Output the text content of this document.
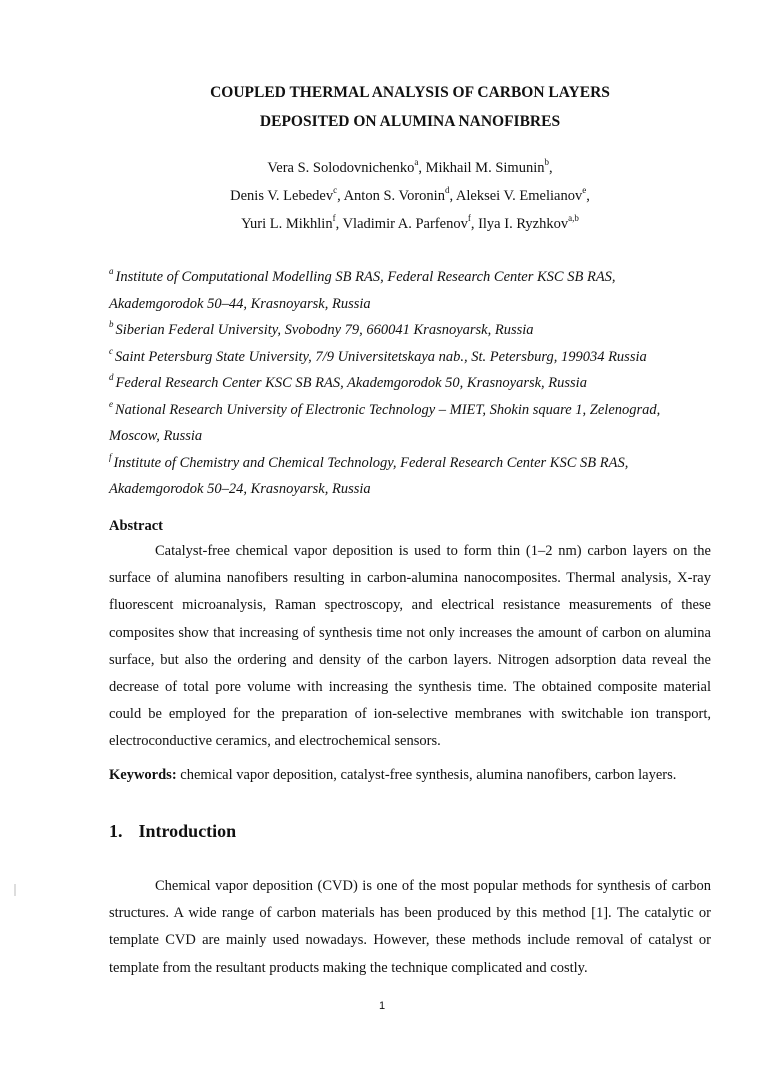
COUPLED THERMAL ANALYSIS OF CARBON LAYERS
DEPOSITED ON ALUMINA NANOFIBRES
Vera S. Solodovnichenko$^a$, Mikhail M. Simunin$^b$,
Denis V. Lebedev$^c$, Anton S. Voronin$^d$, Aleksei V. Emelianov$^e$,
Yuri L. Mikhlin$^f$, Vladimir A. Parfenov$^f$, Ilya I. Ryzhkov$^{a,b}$
$^a$ Institute of Computational Modelling SB RAS, Federal Research Center KSC SB RAS,
Akademgorodok 50–44, Krasnoyarsk, Russia
$^b$ Siberian Federal University, Svobodny 79, 660041 Krasnoyarsk, Russia
$^c$ Saint Petersburg State University, 7/9 Universitetskaya nab., St. Petersburg, 199034 Russia
$^d$ Federal Research Center KSC SB RAS, Akademgorodok 50, Krasnoyarsk, Russia
$^e$ National Research University of Electronic Technology – MIET, Shokin square 1, Zelenograd,
Moscow, Russia
$^f$ Institute of Chemistry and Chemical Technology, Federal Research Center KSC SB RAS,
Akademgorodok 50–24, Krasnoyarsk, Russia
Abstract

Catalyst-free chemical vapor deposition is used to form thin (1–2 nm) carbon layers on the surface of alumina nanofibers resulting in carbon-alumina nanocomposites. Thermal analysis, X-ray fluorescent microanalysis, Raman spectroscopy, and electrical resistance measurements of these composites show that increasing of synthesis time not only increases the amount of carbon on alumina surface, but also the ordering and density of the carbon layers. Nitrogen adsorption data reveal the decrease of total pore volume with increasing the synthesis time. The obtained composite material could be employed for the preparation of ion-selective membranes with switchable ion transport, electroconductive ceramics, and electrochemical sensors.

Keywords: chemical vapor deposition, catalyst-free synthesis, alumina nanofibers, carbon layers.
1. Introduction

Chemical vapor deposition (CVD) is one of the most popular methods for synthesis of carbon structures. A wide range of carbon materials has been produced by this method [1]. The catalytic or template CVD are mainly used nowadays. However, these methods include removal of catalyst or template from the resultant products making the technique complicated and costly.

1
